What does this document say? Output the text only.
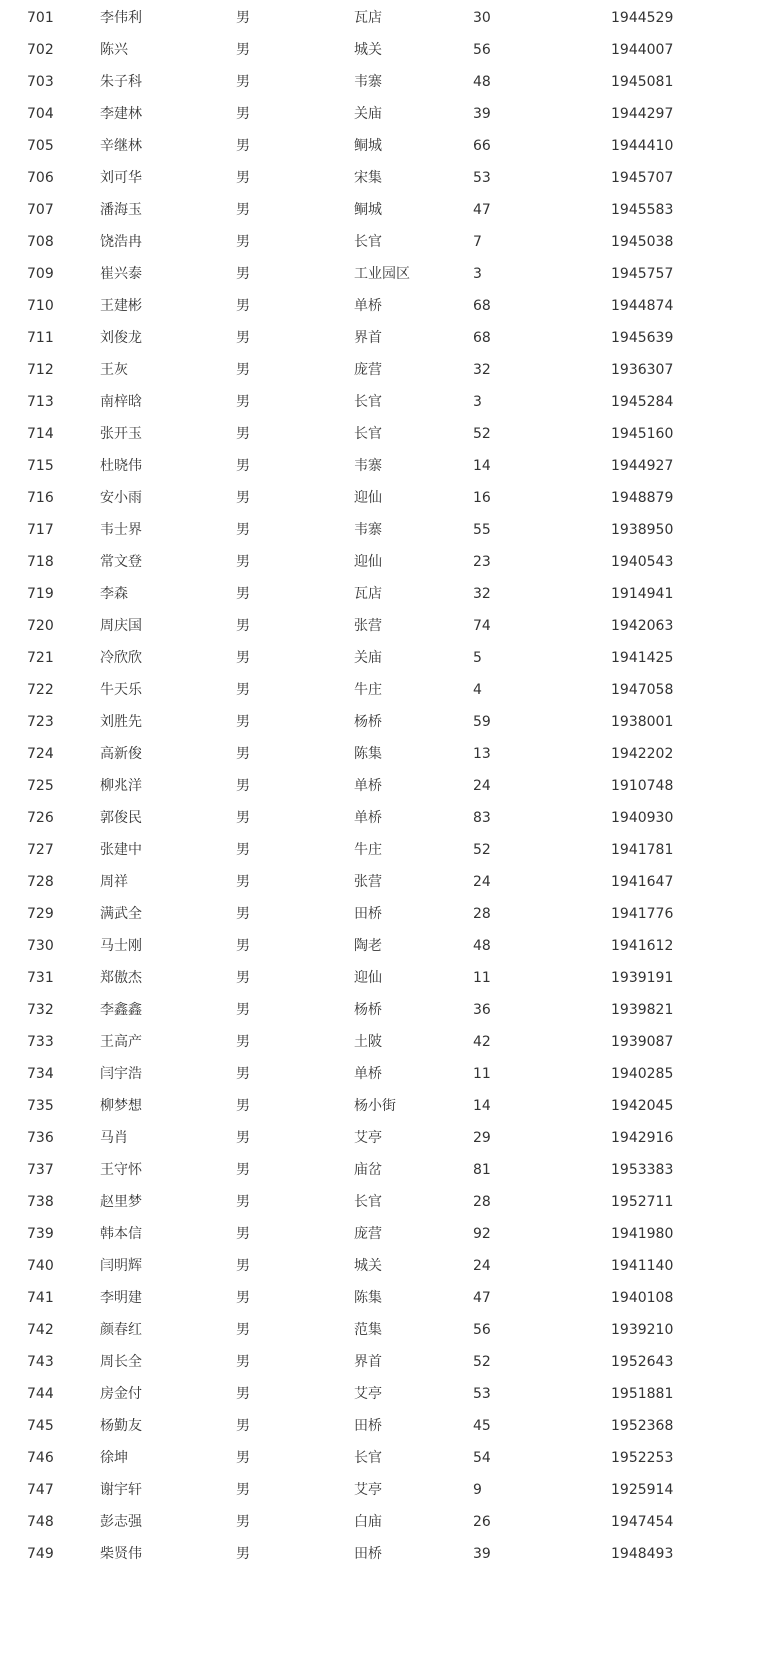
701	李伟利	男	瓦店	30	1944529
702	陈兴	男	城关	56	1944007
703	朱子科	男	韦寨	48	1945081
704	李建林	男	关庙	39	1944297
705	辛继林	男	鲖城	66	1944410
706	刘可华	男	宋集	53	1945707
707	潘海玉	男	鲖城	47	1945583
708	饶浩冉	男	长官	7	1945038
709	崔兴泰	男	工业园区	3	1945757
710	王建彬	男	单桥	68	1944874
711	刘俊龙	男	界首	68	1945639
712	王灰	男	庞营	32	1936307
713	南梓晗	男	长官	3	1945284
714	张开玉	男	长官	52	1945160
715	杜晓伟	男	韦寨	14	1944927
716	安小雨	男	迎仙	16	1948879
717	韦士界	男	韦寨	55	1938950
718	常文登	男	迎仙	23	1940543
719	李森	男	瓦店	32	1914941
720	周庆国	男	张营	74	1942063
721	冷欣欣	男	关庙	5	1941425
722	牛天乐	男	牛庄	4	1947058
723	刘胜先	男	杨桥	59	1938001
724	高新俊	男	陈集	13	1942202
725	柳兆洋	男	单桥	24	1910748
726	郭俊民	男	单桥	83	1940930
727	张建中	男	牛庄	52	1941781
728	周祥	男	张营	24	1941647
729	满武全	男	田桥	28	1941776
730	马士刚	男	陶老	48	1941612
731	郑傲杰	男	迎仙	11	1939191
732	李鑫鑫	男	杨桥	36	1939821
733	王高产	男	土陂	42	1939087
734	闫宇浩	男	单桥	11	1940285
735	柳梦想	男	杨小街	14	1942045
736	马肖	男	艾亭	29	1942916
737	王守怀	男	庙岔	81	1953383
738	赵里梦	男	长官	28	1952711
739	韩本信	男	庞营	92	1941980
740	闫明辉	男	城关	24	1941140
741	李明建	男	陈集	47	1940108
742	颜春红	男	范集	56	1939210
743	周长全	男	界首	52	1952643
744	房金付	男	艾亭	53	1951881
745	杨勤友	男	田桥	45	1952368
746	徐坤	男	长官	54	1952253
747	谢宇轩	男	艾亭	9	1925914
748	彭志强	男	白庙	26	1947454
749	柴贤伟	男	田桥	39	1948493
